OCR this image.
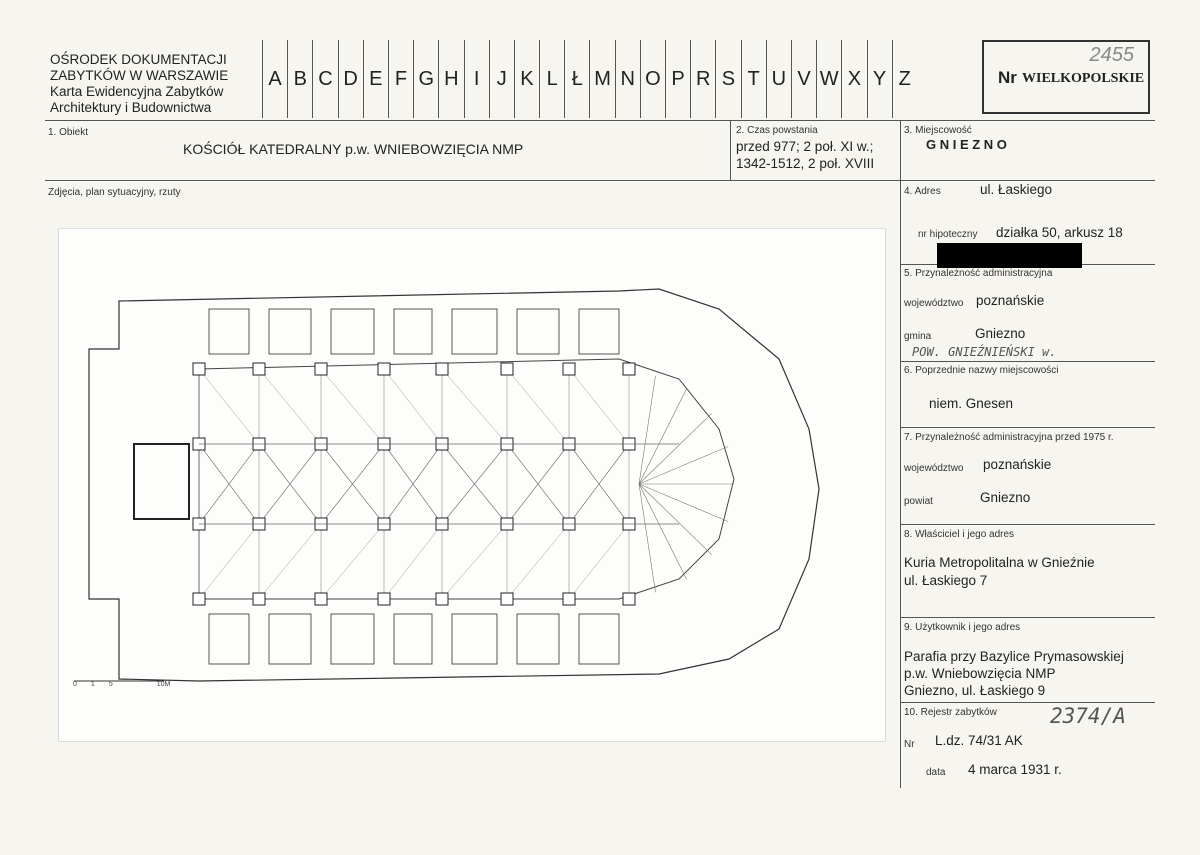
OŚRODEK DOKUMENTACJI
ZABYTKÓW W WARSZAWIE
Karta Ewidencyjna Zabytków
Architektury i Budownictwa
A B C D E F G H I J K L Ł M N O P R S T U V W X Y Z	Nr WIELKOPOLSKIE
2455
1. Obiekt
KOŚCIÓŁ KATEDRALNY p.w. WNIEBOWZIĘCIA NMP
2. Czas powstania
przed 977; 2 poł. XI w.;
1342-1512, 2 poł. XVIII
3. Miejscowość
G N I E Z N O
Zdjęcia, plan sytuacyjny, rzuty
0 1 5	10M
4. Adres	ul. Łaskiego
nr hipoteczny działka 50, arkusz 18
5. Przynależność administracyjna
województwo poznańskie
gmina	Gniezno
POW. GNIEŹNIEŃSKI w.
6. Poprzednie nazwy miejscowości
niem. Gnesen
7. Przynależność administracyjna przed 1975 r.
województwo poznańskie
powiat	Gniezno
8. Właściciel i jego adres
Kuria Metropolitalna w Gnieźnie
ul. Łaskiego 7
9. Użytkownik i jego adres
Parafia przy Bazylice Prymasowskiej
p.w. Wniebowzięcia NMP
Gniezno, ul. Łaskiego 9
10. Rejestr zabytków	2374/A
Nr L.dz. 74/31 AK
data 4 marca 1931 r.
